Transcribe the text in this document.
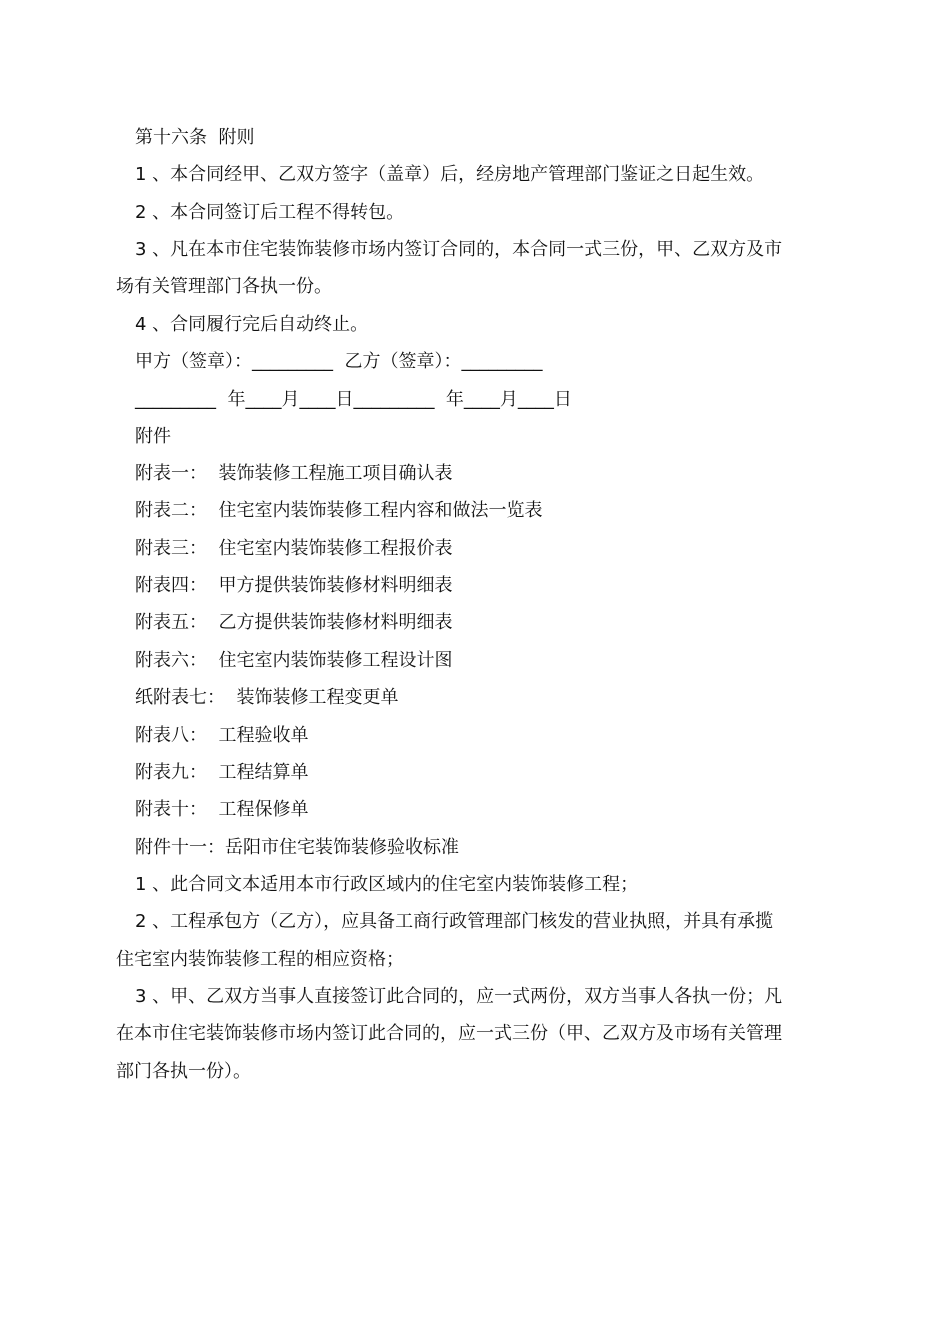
第十六条  附则
1 、本合同经甲、乙双方签字（盖章）后，经房地产管理部门鉴证之日起生效。
2 、本合同签订后工程不得转包。
3 、凡在本市住宅装饰装修市场内签订合同的，本合同一式三份，甲、乙双方及市
场有关管理部门各执一份。
4 、合同履行完后自动终止。
甲方（签章）：_________  乙方（签章）：_________
_________  年____月____日_________  年____月____日
附件
附表一：  装饰装修工程施工项目确认表
附表二：  住宅室内装饰装修工程内容和做法一览表
附表三：  住宅室内装饰装修工程报价表
附表四：  甲方提供装饰装修材料明细表
附表五：  乙方提供装饰装修材料明细表
附表六：  住宅室内装饰装修工程设计图
纸附表七：  装饰装修工程变更单
附表八：  工程验收单
附表九：  工程结算单
附表十：  工程保修单
附件十一：岳阳市住宅装饰装修验收标准
1 、此合同文本适用本市行政区域内的住宅室内装饰装修工程；
2 、工程承包方（乙方），应具备工商行政管理部门核发的营业执照，并具有承揽
住宅室内装饰装修工程的相应资格；
3 、甲、乙双方当事人直接签订此合同的，应一式两份，双方当事人各执一份；凡
在本市住宅装饰装修市场内签订此合同的，应一式三份（甲、乙双方及市场有关管理
部门各执一份）。
